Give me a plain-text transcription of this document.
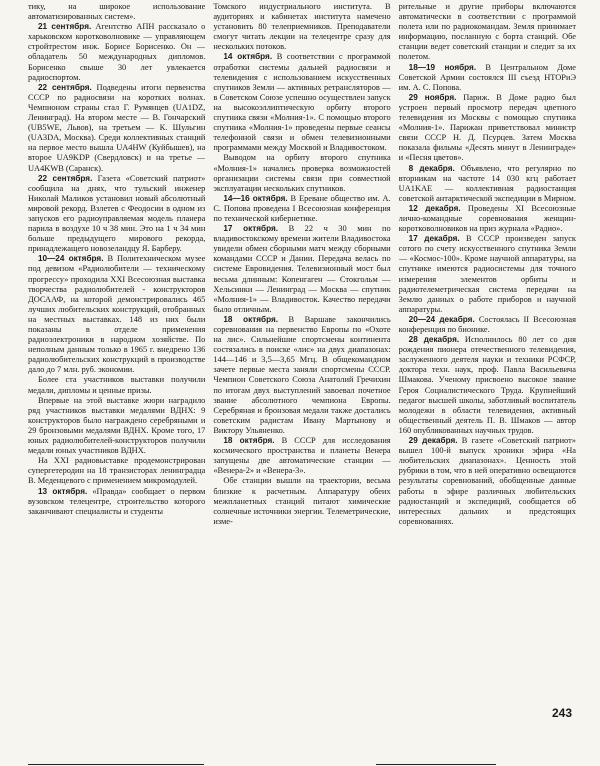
тику, на широкое использование автоматизированных систем».

21 сентября. Агентство АПН рассказало о харьковском коротковолновике — управляющем стройтрестом инж. Борисе Борисенко. Он — обладатель 50 международных дипломов. Борисенко свыше 30 лет увлекается радиоспортом.

22 сентября. Подведены итоги первенства СССР по радиосвязи на коротких волнах. Чемпионом страны стал Г. Румянцев (UA1DZ, Ленинград). На втором месте — В. Гончарский (UB5WE, Львов), на третьем — К. Шульгин (UA3DA, Москва). Среди коллективных станций на первое место вышла UA4HW (Куйбышев), на второе UA9KDP (Свердловск) и на третье — UA4KWB (Саранск).

22 сентября. Газета «Советский патриот» сообщила на днях, что тульский инженер Николай Маликов установил новый абсолютный мировой рекорд. Взлетев с Феодосии в одном из запусков его радиоуправляемая модель планера парила в воздухе 10 ч 38 мин. Это на 1 ч 34 мин больше предыдущего мирового рекорда, принадлежащего новозеландцу Я. Барберу.

10—24 октября. В Политехническом музее под девизом «Радиолюбители — техническому прогрессу» проходила XXI Всесоюзная выставка творчества радиолюбителей - конструкторов ДОСААФ, на которой демонстрировались 465 лучших любительских конструкций, отобранных на местных выставках. 148 из них были показаны в отделе применения радиоэлектроники в народном хозяйстве. По неполным данным только в 1965 г. внедрено 136 радиолюбительских конструкций в производстве дало до 7 млн. руб. экономии.

Более ста участников выставки получили медали, дипломы и ценные призы.

Впервые на этой выставке жюри наградило ряд участников выставки медалями ВДНХ: 9 конструкторов было награждено серебряными и 29 бронзовыми медалями ВДНХ. Кроме того, 17 юных радиолюбителей-конструкторов получили медали юных участников ВДНХ.

На XXI радиовыставке продемонстрирован супергетеродин на 18 транзисторах ленинградца В. Меденцевого с применением микромодулей.

13 октября. «Правда» сообщает о первом вузовском телецентре, строительство которого заканчивают специалисты и студенты

Томского индустриального института. В аудиториях и кабинетах института намечено установить 80 телеприемников. Преподаватели смогут читать лекции на телецентре сразу для нескольких потоков.

14 октября. В соответствии с программой отработки системы дальней радиосвязи и телевидения с использованием искусственных спутников Земли — активных ретрансляторов — в Советском Союзе успешно осуществлен запуск на высокоэллиптическую орбиту второго спутника связи «Молния-1». С помощью второго спутника «Молния-1» проведены первые сеансы телефонной связи и обмен телевизионными программами между Москвой и Владивостоком.

Выводом на орбиту второго спутника «Молния-1» начались проверка возможностей организации системы связи при совместной эксплуатации нескольких спутников.

14—16 октября. В Ереване общество им. А. С. Попова проведена I Всесоюзная конференция по технической кибернетике.

17 октября. В 22 ч 30 мин по владивостокскому времени жители Владивостока увидели обмен сборными матч между сборными командами СССР и Дании. Передача велась по системе Евровидения. Телевизионный мост был весьма длинным: Копенгаген — Стокгольм — Хельсинки — Ленинград — Москва — спутник «Молния-1» — Владивосток. Качество передачи было отличным.

18 октября. В Варшаве закончились соревнования на первенство Европы по «Охоте на лис». Сильнейшие спортсмены континента состязались в поиске «лис» на двух диапазонах: 144—146 и 3,5—3,65 Мгц. В общекомандном зачете первые места заняли спортсмены СССР. Чемпион Советского Союза Анатолий Гречихин по итогам двух выступлений завоевал почетное звание абсолютного чемпиона Европы. Серебряная и бронзовая медали также достались советским радистам Ивану Мартынову и Виктору Ульяненко.

18 октября. В СССР для исследования космического пространства и планеты Венера запущены две автоматические станции — «Венера-2» и «Венера-3».

Обе станции вышли на траектории, весьма близкие к расчетным. Аппаратуру обеих межпланетных станций питают химические солнечные источники энергии. Телеметрические, изме-

рительные и другие приборы включаются автоматически в соответствии с программой полета или по радиокомандам. Земля принимает информацию, посланную с борта станций. Обе станции ведет советский станции и следит за их полетом.

18—19 ноября. В Центральном Доме Советской Армии состоялся III съезд НТОРиЭ им. А. С. Попова.

29 ноября. Париж. В Доме радио был устроен первый просмотр передач цветного телевидения из Москвы с помощью спутника «Молния-1». Парижан приветствовал министр связи СССР Н. Д. Псурцев. Затем Москва показала фильмы «Десять минут в Ленинграде» и «Песня цветов».

8 декабря. Объявлено, что регулярно по вторникам на частоте 14 030 кгц работает UA1KAE — коллективная радиостанция советской антарктической экспедиции в Мирном.

12 декабря. Проведены XI Всесоюзные лично-командные соревнования женщин-коротковолновиков на приз журнала «Радио».

17 декабря. В СССР произведен запуск сотого по счету искусственного спутника Земли — «Космос-100». Кроме научной аппаратуры, на спутнике имеются радиосистемы для точного измерения элементов орбиты и радиотелеметрическая система передачи на Землю данных о работе приборов и научной аппаратуры.

20—24 декабря. Состоялась II Всесоюзная конференция по бионике.

28 декабря. Исполнилось 80 лет со дня рождения пионера отечественного телевидения, заслуженного деятеля науки и техники РСФСР, доктора техн. наук, проф. Павла Васильевича Шмакова. Ученому присвоено высокое звание Героя Социалистического Труда. Крупнейший педагог высшей школы, заботливый воспитатель молодежи в области телевидения, активный общественный деятель П. В. Шмаков — автор 160 опубликованных научных трудов.

29 декабря. В газете «Советский патриот» вышел 100-й выпуск хроники эфира «На любительских диапазонах». Ценность этой рубрики в том, что в ней оперативно освещаются результаты соревнований, обобщенные данные работы в эфире различных любительских радиостанций и экспедиций, сообщается об интересных дальних и предстоящих соревнованиях.

243
